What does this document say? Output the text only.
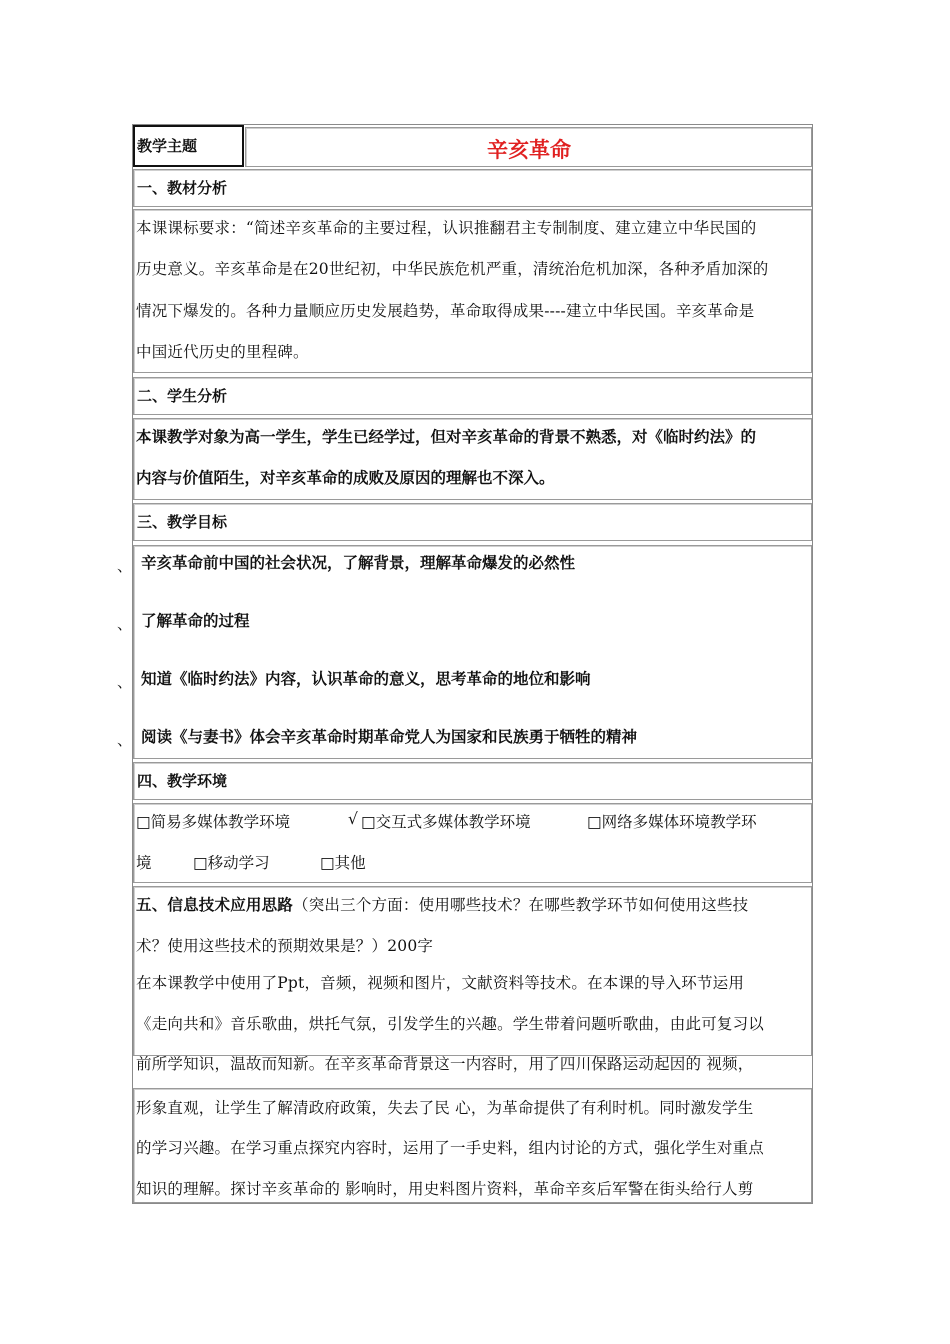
教学主题	辛亥革命
一、教材分析
本课课标要求：“简述辛亥革命的主要过程，认识推翻君主专制制度、建立建立中华民国的
历史意义。辛亥革命是在20世纪初，中华民族危机严重，清统治危机加深，各种矛盾加深的
情况下爆发的。各种力量顺应历史发展趋势，革命取得成果----建立中华民国。辛亥革命是
中国近代历史的里程碑。
二、学生分析
本课教学对象为高一学生，学生已经学过，但对辛亥革命的背景不熟悉，对《临时约法》的
内容与价值陌生，对辛亥革命的成败及原因的理解也不深入。
三、教学目标
、 辛亥革命前中国的社会状况，了解背景，理解革命爆发的必然性
、 了解革命的过程
、 知道《临时约法》内容，认识革命的意义，思考革命的地位和影响
、 阅读《与妻书》体会辛亥革命时期革命党人为国家和民族勇于牺牲的精神
四、教学环境
□简易多媒体教学环境	√ □交互式多媒体教学环境	□网络多媒体环境教学环
境	□移动学习	□其他
五、信息技术应用思路（突出三个方面：使用哪些技术？在哪些教学环节如何使用这些技
术？使用这些技术的预期效果是？）200字
在本课教学中使用了Ppt，音频，视频和图片，文献资料等技术。在本课的导入环节运用
《走向共和》音乐歌曲，烘托气氛，引发学生的兴趣。学生带着问题听歌曲，由此可复习以
前所学知识，温故而知新。在辛亥革命背景这一内容时，用了四川保路运动起因的 视频，
形象直观，让学生了解清政府政策，失去了民 心，为革命提供了有利时机。同时激发学生
的学习兴趣。在学习重点探究内容时，运用了一手史料，组内讨论的方式，强化学生对重点
知识的理解。探讨辛亥革命的 影响时，用史料图片资料，革命辛亥后军警在街头给行人剪
